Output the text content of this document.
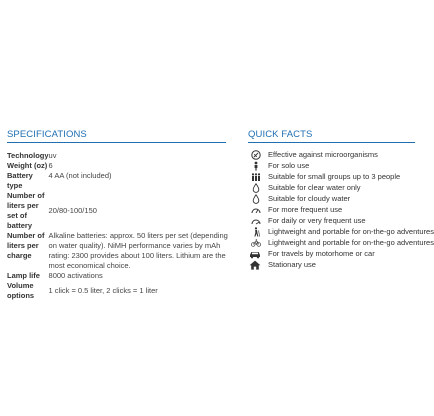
SPECIFICATIONS
Technology	uv
Weight (oz)	6
Battery type	4 AA (not included)
Number of liters per set of battery	20/80-100/150
Number of liters per charge	Alkaline batteries: approx. 50 liters per set (depending on water quality). NiMH performance varies by mAh rating: 2300 provides about 100 liters. Lithium are the most economical choice.
Lamp life	8000 activations
Volume options	1 click = 0.5 liter, 2 clicks = 1 liter
QUICK FACTS
Effective against microorganisms
For solo use
Suitable for small groups up to 3 people
Suitable for clear water only
Suitable for cloudy water
For more frequent use
For daily or very frequent use
Lightweight and portable for on-the-go adventures
Lightweight and portable for on-the-go adventures
For travels by motorhome or car
Stationary use
